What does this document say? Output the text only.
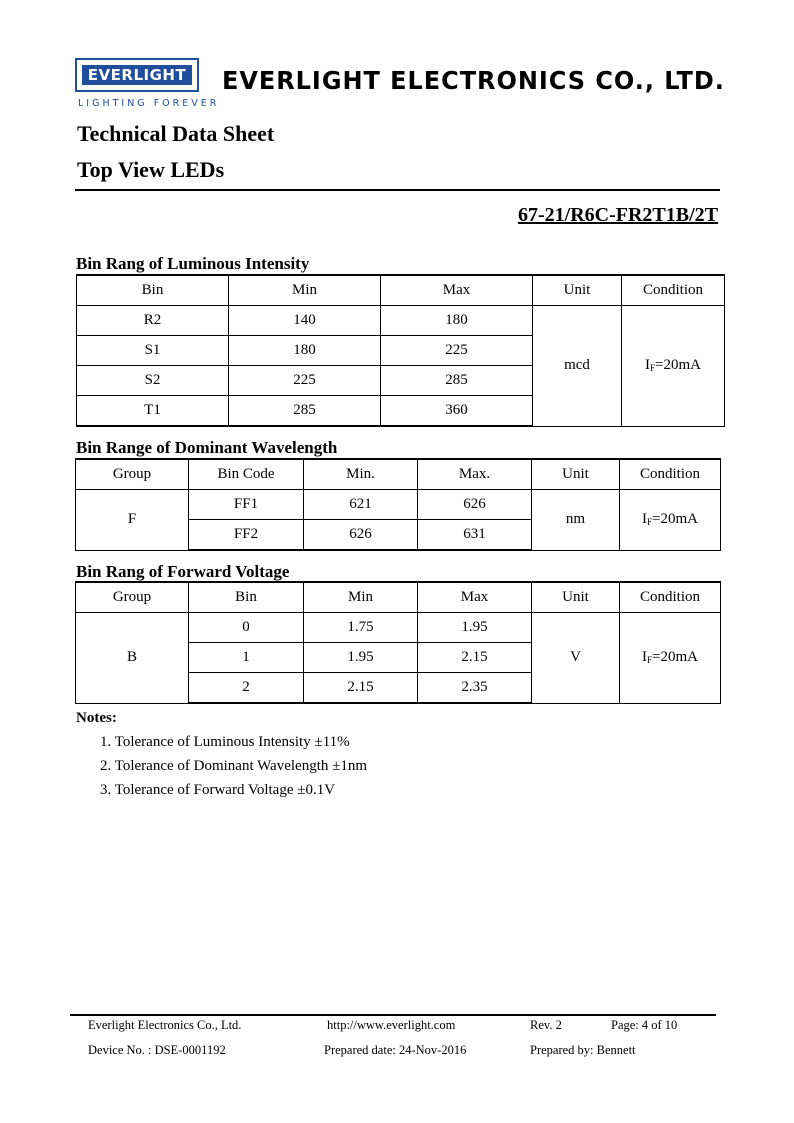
EVERLIGHT
LIGHTING FOREVER
EVERLIGHT ELECTRONICS CO., LTD.
Technical Data Sheet
Top View LEDs
67-21/R6C-FR2T1B/2T
Bin Rang of Luminous Intensity
Bin	Min	Max	Unit	Condition
R2	140	180	mcd	$I_F=20mA$
S1	180	225		
S2	225	285		
T1	285	360		
Bin Range of Dominant Wavelength
Group	Bin Code	Min.	Max.	Unit	Condition
F	FF1	621	626	nm	$I_F=20mA$
	FF2	626	631		
Bin Rang of Forward Voltage
Group	Bin	Min	Max	Unit	Condition
B	0	1.75	1.95	V	$I_F=20mA$
	1	1.95	2.15		
	2	2.15	2.35		
Notes:
1. Tolerance of Luminous Intensity ±11%
2. Tolerance of Dominant Wavelength ±1nm
3. Tolerance of Forward Voltage ±0.1V
Everlight Electronics Co., Ltd.	http://www.everlight.com	Rev. 2	Page: 4 of 10
Device No. : DSE-0001192	Prepared date: 24-Nov-2016	Prepared by: Bennett
